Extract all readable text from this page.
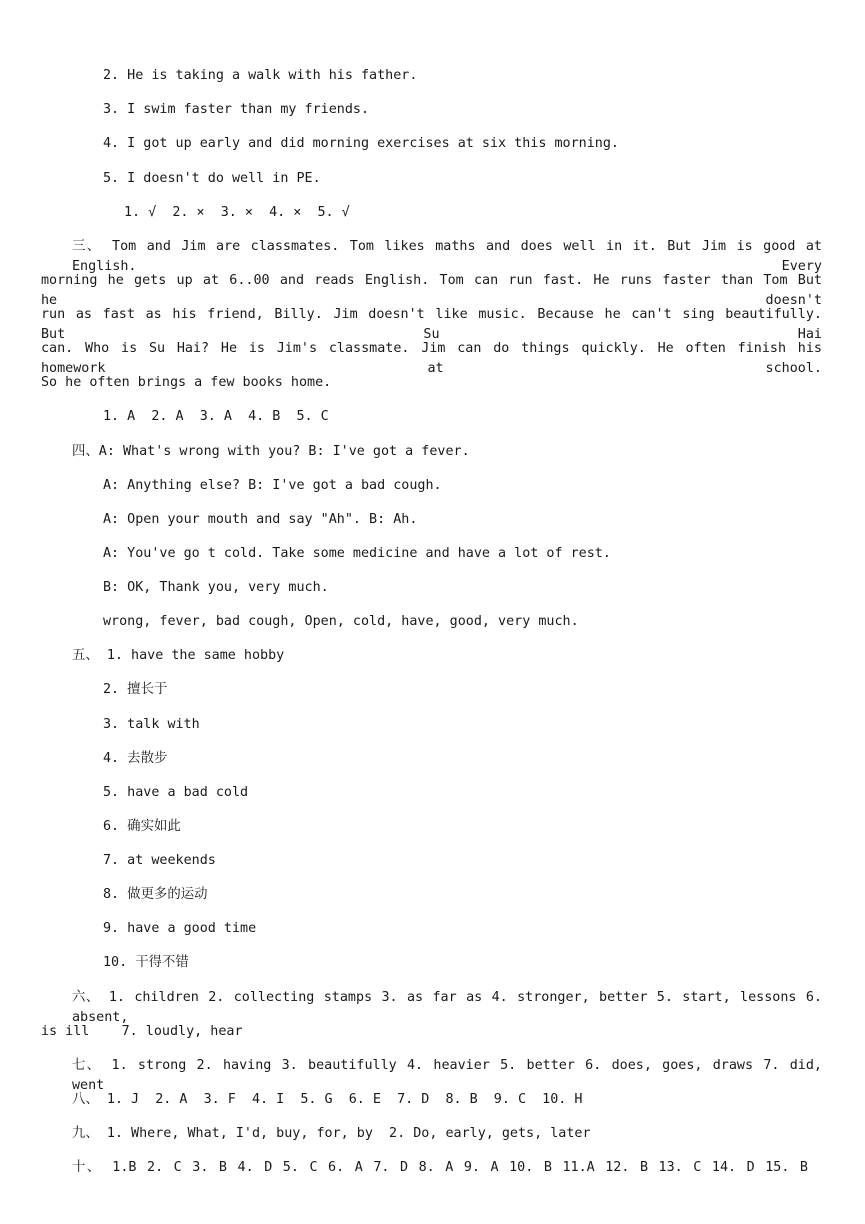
2. He is taking a walk with his father.
3. I swim faster than my friends.
4. I got up early and did morning exercises at six this morning.
5. I doesn't do well in PE.
1. √  2. ×  3. ×  4. ×  5. √
三、 Tom and Jim are classmates. Tom likes maths and does well in it. But Jim is good at English. Every
morning he gets up at 6..00 and reads English. Tom can run fast. He runs faster than Tom But he doesn't
run as fast as his friend, Billy. Jim doesn't like music. Because he can't sing beautifully. But Su Hai
can. Who is Su Hai? He is Jim's classmate. Jim can do things quickly. He often finish his homework at school.
So he often brings a few books home.
1. A  2. A  3. A  4. B  5. C
四、A: What's wrong with you? B: I've got a fever.
A: Anything else? B: I've got a bad cough.
A: Open your mouth and say "Ah". B: Ah.
A: You've go t cold. Take some medicine and have a lot of rest.
B: OK, Thank you, very much.
wrong, fever, bad cough, Open, cold, have, good, very much.
五、 1. have the same hobby
2. 擅长于
3. talk with
4. 去散步
5. have a bad cold
6. 确实如此
7. at weekends
8. 做更多的运动
9. have a good time
10. 干得不错
六、 1. children 2. collecting stamps 3. as far as 4. stronger, better 5. start, lessons 6. absent,
is ill    7. loudly, hear
七、 1. strong 2. having 3. beautifully 4. heavier 5. better 6. does, goes, draws 7. did, went
八、 1. J  2. A  3. F  4. I  5. G  6. E  7. D  8. B  9. C  10. H
九、 1. Where, What, I'd, buy, for, by  2. Do, early, gets, later
十、 1.B 2. C 3. B 4. D 5. C 6. A 7. D 8. A 9. A 10. B 11.A 12. B 13. C 14. D 15. B
